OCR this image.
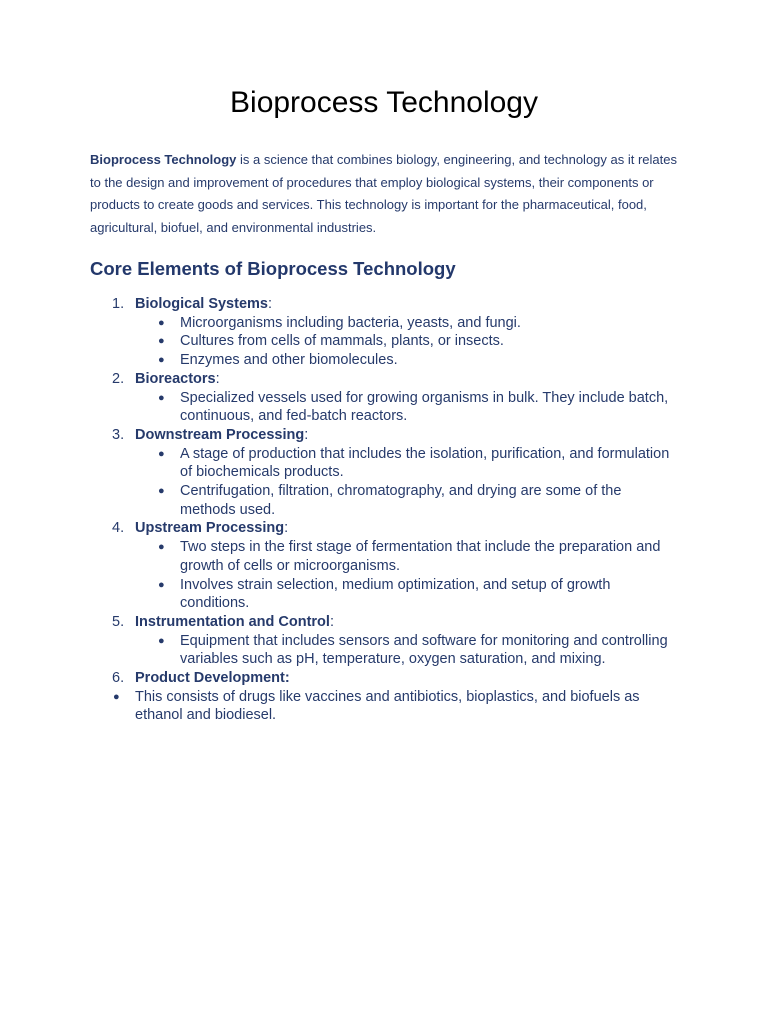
Bioprocess Technology

Bioprocess Technology is a science that combines biology, engineering, and technology as it relates to the design and improvement of procedures that employ biological systems, their components or products to create goods and services. This technology is important for the pharmaceutical, food, agricultural, biofuel, and environmental industries.

Core Elements of Bioprocess Technology
1. Biological Systems:
● Microorganisms including bacteria, yeasts, and fungi.
● Cultures from cells of mammals, plants, or insects.
● Enzymes and other biomolecules.
2. Bioreactors:
● Specialized vessels used for growing organisms in bulk. They include batch, continuous, and fed-batch reactors.
3. Downstream Processing:
● A stage of production that includes the isolation, purification, and formulation of biochemicals products.
● Centrifugation, filtration, chromatography, and drying are some of the methods used.
4. Upstream Processing:
● Two steps in the first stage of fermentation that include the preparation and growth of cells or microorganisms.
● Involves strain selection, medium optimization, and setup of growth conditions.
5. Instrumentation and Control:
● Equipment that includes sensors and software for monitoring and controlling variables such as pH, temperature, oxygen saturation, and mixing.
6. Product Development:
● This consists of drugs like vaccines and antibiotics, bioplastics, and biofuels as ethanol and biodiesel.
